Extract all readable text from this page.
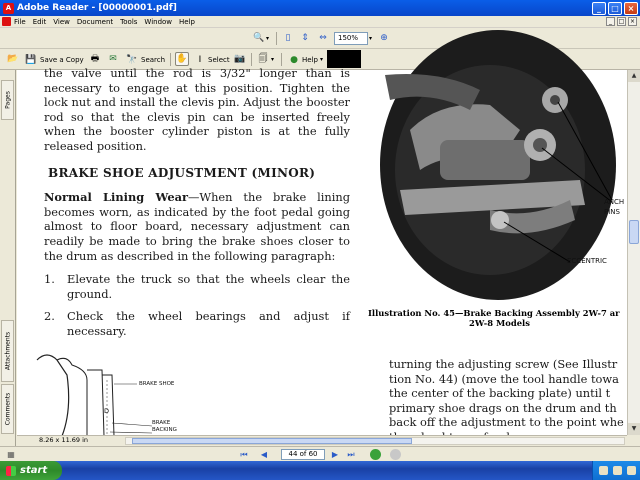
A Adobe Reader - [00000001.pdf]	_	□	×
File Edit View Document Tools Window Help	_	□ ×
🔍 ▾	▯	⇕	⇔	150%	▾ ⊕
📂 💾 Save a Copy 🖶	✉	🔭 Search ✋	I Select 📷 🗐 ▾	● Help ▾
Pages
Attachments
Comments

the valve until the rod is 3/32" longer than is necessary to engage at this position. Tighten the lock nut and install the clevis pin. Adjust the booster rod so that the clevis pin can be inserted freely when the booster cylinder piston is at the fully released position.

BRAKE SHOE ADJUSTMENT (MINOR)

Normal Lining Wear—When the brake lining becomes worn, as indicated by the foot pedal going almost to floor board, necessary adjustment can readily be made to bring the brake shoes closer to the drum as described in the following paragraph:

1.	Elevate the truck so that the wheels clear the ground.
2.	Check the wheel bearings and adjust if necessary.
ANCH
PINS
ECCENTRIC
Illustration No. 45—Brake Backing Assembly 2W-7 ar
2W-8 Models
turning the adjusting screw (See Illustr
tion No. 44) (move the tool handle towa
the center of the backing plate) until t
primary shoe drags on the drum and th
back off the adjustment to the point whe
BRAKE SHOE
BRAKE
BACKING
D
▲
▼
8.26 x 11.69 in
▦	⏮	◀	44 of 60	▶	⏭
start
